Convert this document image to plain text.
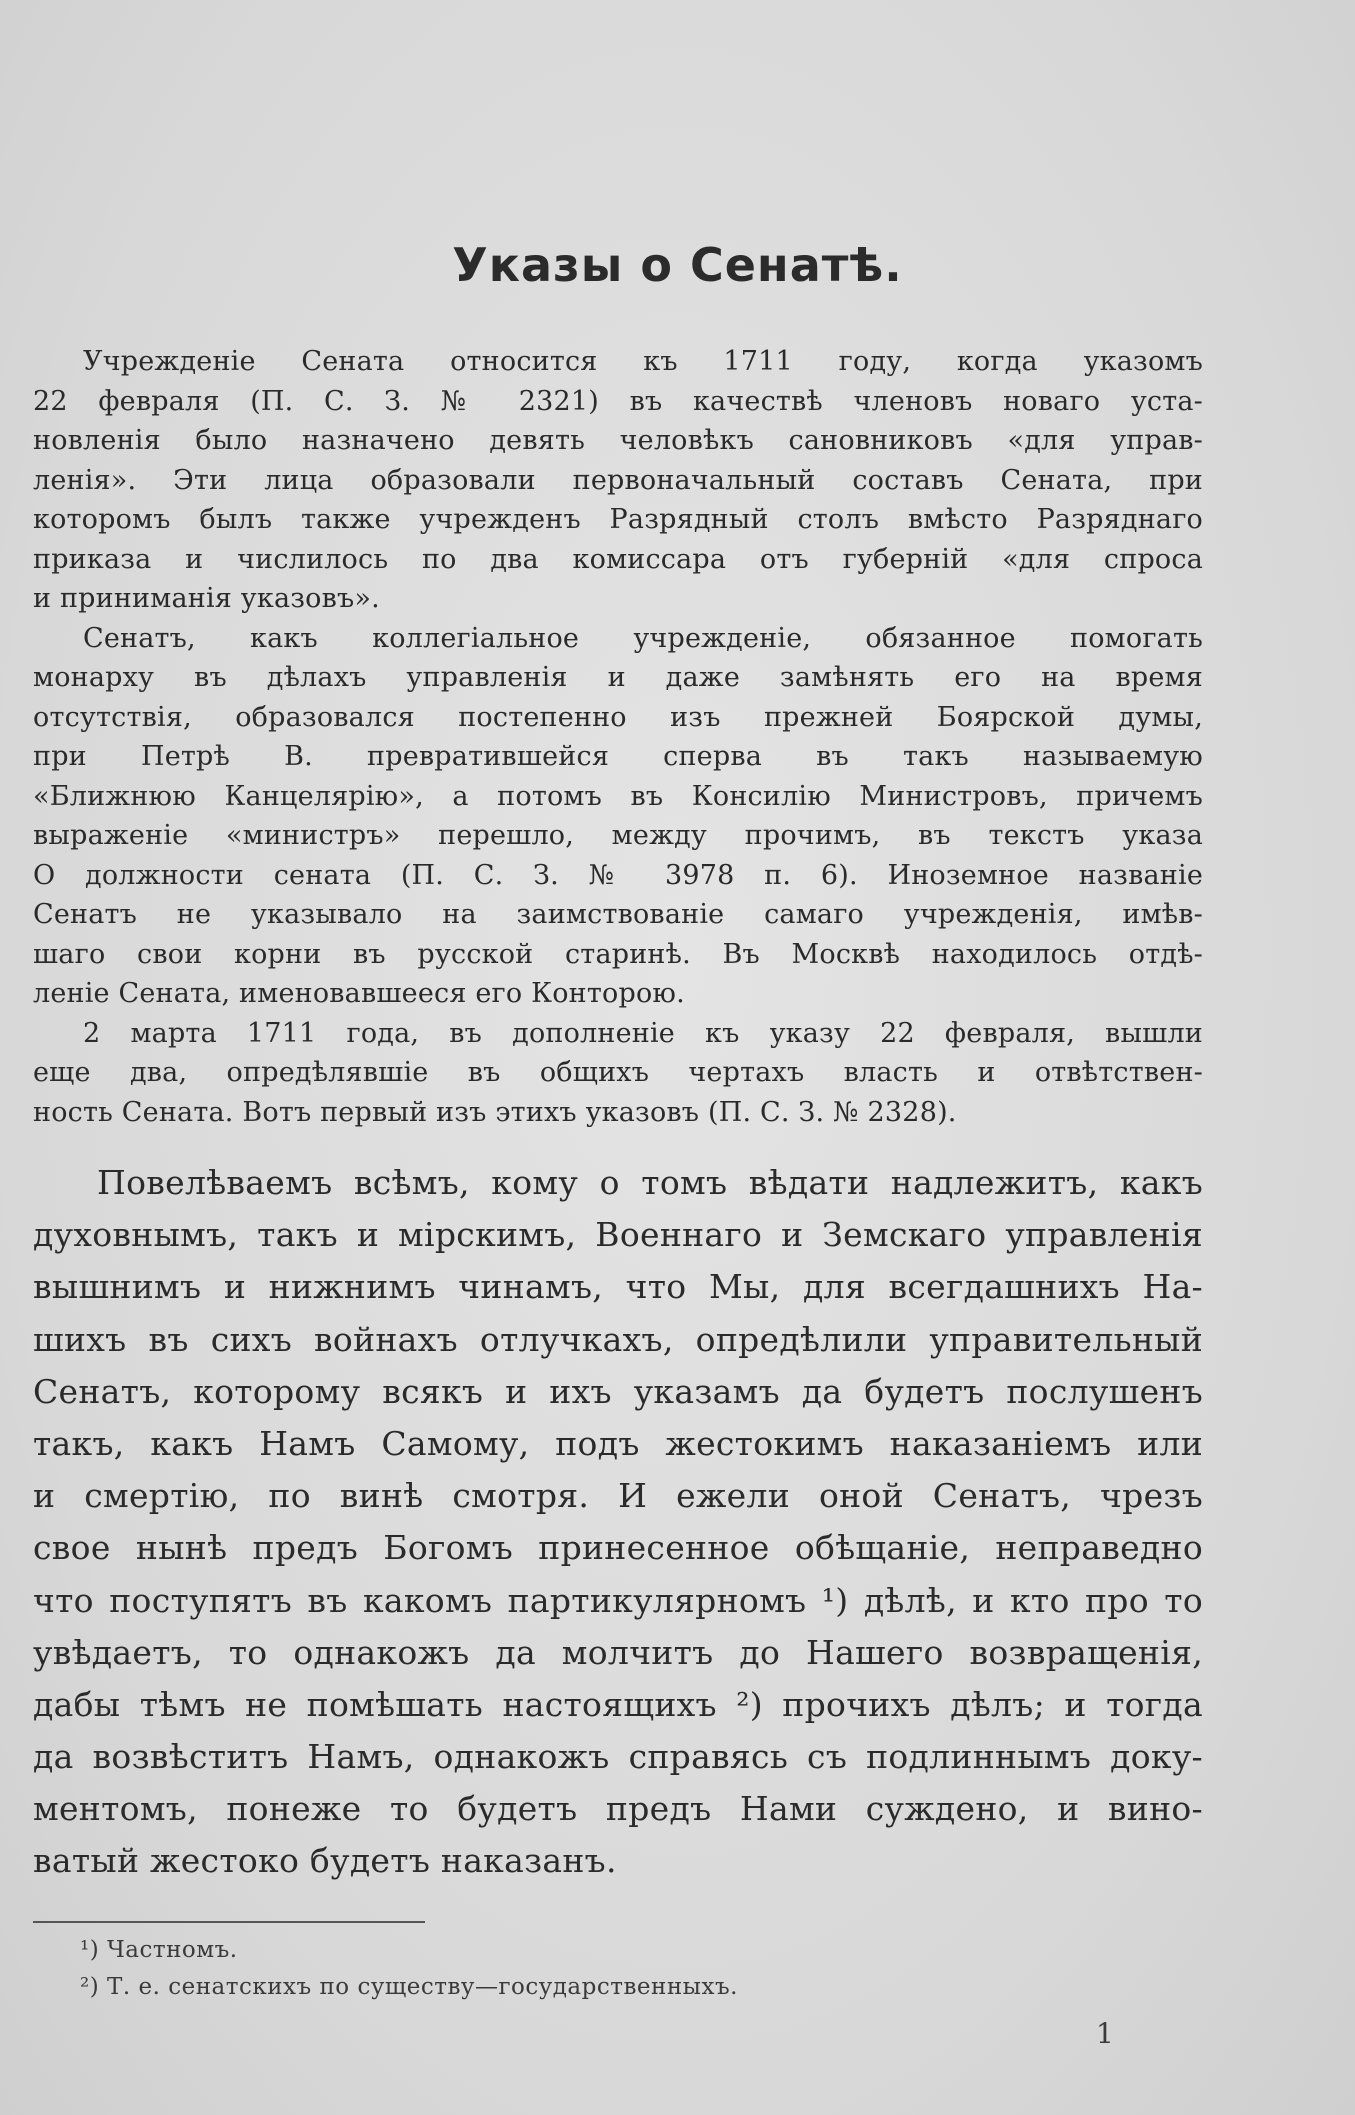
Указы о Сенатѣ.
Учрежденіе Сената относится къ 1711 году, когда указомъ
22 февраля (П. С. З. № 2321) въ качествѣ членовъ новаго уста-
новленія было назначено девять человѣкъ сановниковъ «для управ-
ленія». Эти лица образовали первоначальный составъ Сената, при
которомъ былъ также учрежденъ Разрядный столъ вмѣсто Разряднаго
приказа и числилось по два комиссара отъ губерній «для спроса
и приниманія указовъ».
Сенатъ, какъ коллегіальное учрежденіе, обязанное помогать
монарху въ дѣлахъ управленія и даже замѣнять его на время
отсутствія, образовался постепенно изъ прежней Боярской думы,
при Петрѣ В. превратившейся сперва въ такъ называемую
«Ближнюю Канцелярію», а потомъ въ Консилію Министровъ, причемъ
выраженіе «министръ» перешло, между прочимъ, въ текстъ указа
О должности сената (П. С. З. № 3978 п. 6). Иноземное названіе
Сенатъ не указывало на заимствованіе самаго учрежденія, имѣв-
шаго свои корни въ русской старинѣ. Въ Москвѣ находилось отдѣ-
леніе Сената, именовавшееся его Конторою.
2 марта 1711 года, въ дополненіе къ указу 22 февраля, вышли
еще два, опредѣлявшіе въ общихъ чертахъ власть и отвѣтствен-
ность Сената. Вотъ первый изъ этихъ указовъ (П. С. З. № 2328).
Повелѣваемъ всѣмъ, кому о томъ вѣдати надлежитъ, какъ
духовнымъ, такъ и мірскимъ, Военнаго и Земскаго управленія
вышнимъ и нижнимъ чинамъ, что Мы, для всегдашнихъ На-
шихъ въ сихъ войнахъ отлучкахъ, опредѣлили управительный
Сенатъ, которому всякъ и ихъ указамъ да будетъ послушенъ
такъ, какъ Намъ Самому, подъ жестокимъ наказаніемъ или
и смертію, по винѣ смотря. И ежели оной Сенатъ, чрезъ
свое нынѣ предъ Богомъ принесенное обѣщаніе, неправедно
что поступятъ въ какомъ партикулярномъ ¹) дѣлѣ, и кто про то
увѣдаетъ, то однакожъ да молчитъ до Нашего возвращенія,
дабы тѣмъ не помѣшать настоящихъ ²) прочихъ дѣлъ; и тогда
да возвѣститъ Намъ, однакожъ справясь съ подлиннымъ доку-
ментомъ, понеже то будетъ предъ Нами суждено, и вино-
ватый жестоко будетъ наказанъ.
¹) Частномъ.
²) Т. е. сенатскихъ по существу—государственныхъ.
1
